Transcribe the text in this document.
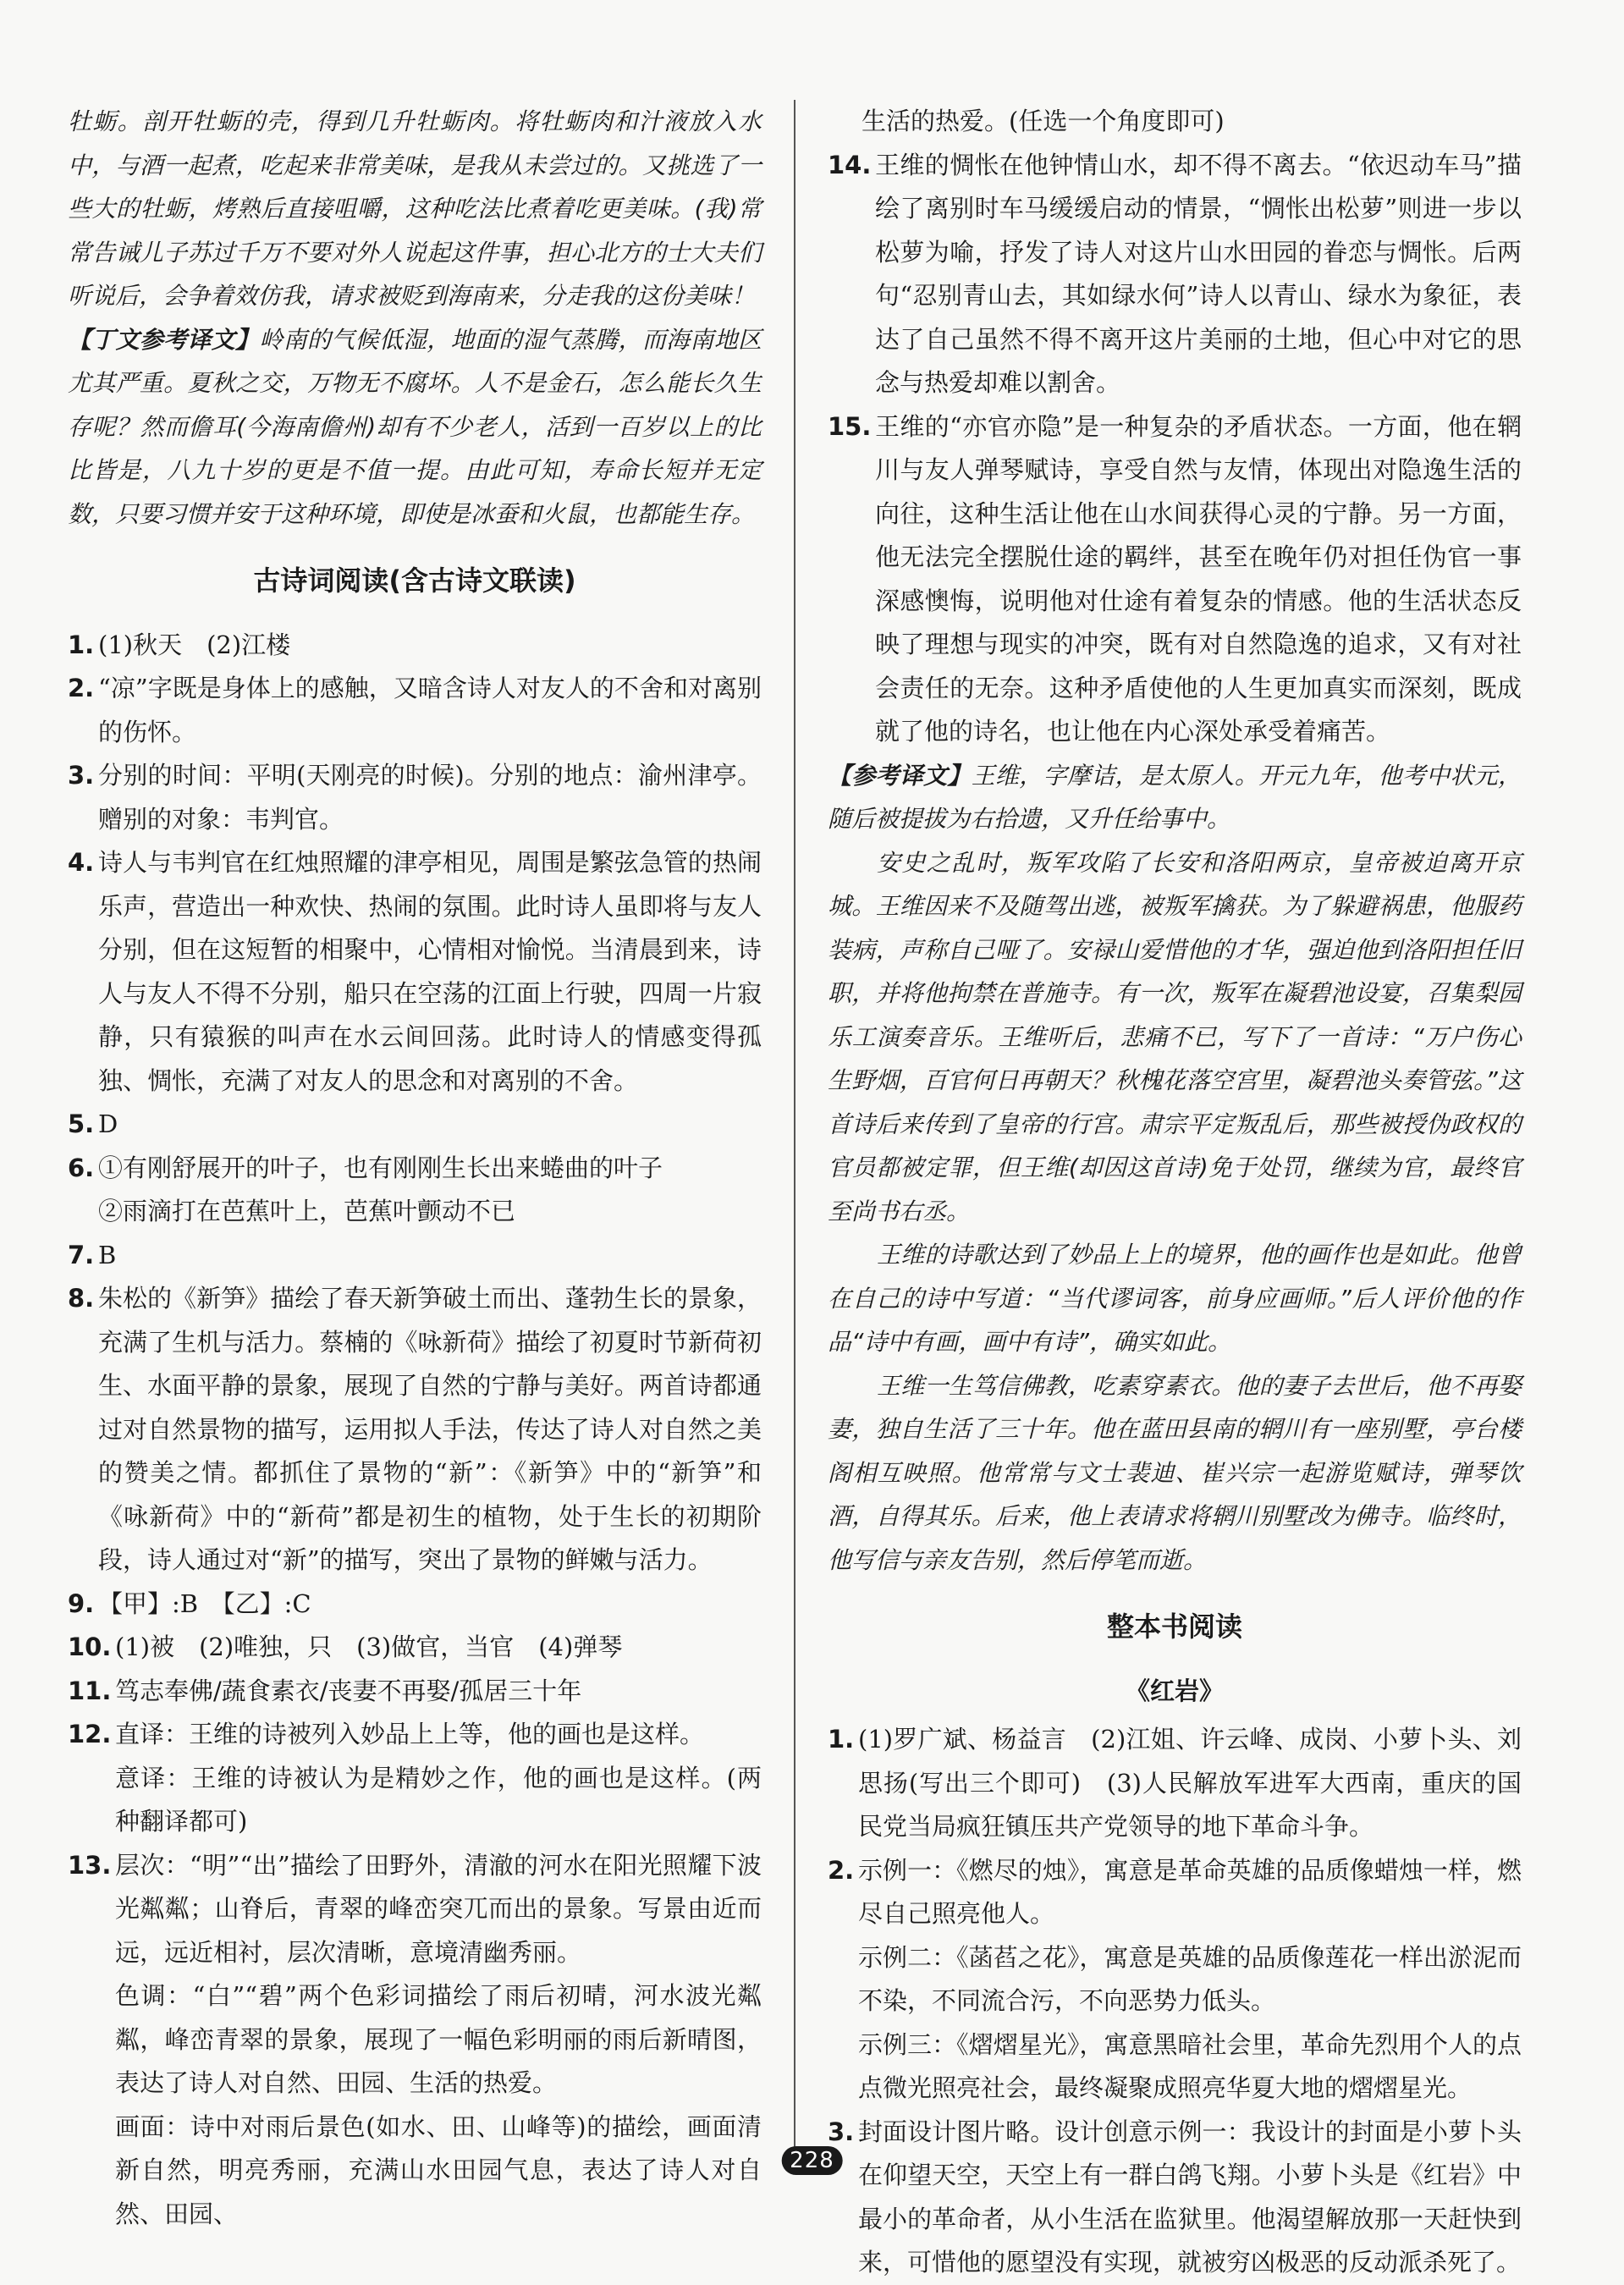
牡蛎。剖开牡蛎的壳，得到几升牡蛎肉。将牡蛎肉和汁液放入水中，与酒一起煮，吃起来非常美味，是我从未尝过的。又挑选了一些大的牡蛎，烤熟后直接咀嚼，这种吃法比煮着吃更美味。(我)常常告诫儿子苏过千万不要对外人说起这件事，担心北方的士大夫们听说后，会争着效仿我，请求被贬到海南来，分走我的这份美味！

【丁文参考译文】岭南的气候低湿，地面的湿气蒸腾，而海南地区尤其严重。夏秋之交，万物无不腐坏。人不是金石，怎么能长久生存呢？然而儋耳(今海南儋州)却有不少老人，活到一百岁以上的比比皆是，八九十岁的更是不值一提。由此可知，寿命长短并无定数，只要习惯并安于这种环境，即使是冰蚕和火鼠，也都能生存。

古诗词阅读(含古诗文联读)
1. (1)秋天　(2)江楼
2. “凉”字既是身体上的感触，又暗含诗人对友人的不舍和对离别的伤怀。
3. 分别的时间：平明(天刚亮的时候)。分别的地点：渝州津亭。赠别的对象：韦判官。
4. 诗人与韦判官在红烛照耀的津亭相见，周围是繁弦急管的热闹乐声，营造出一种欢快、热闹的氛围。此时诗人虽即将与友人分别，但在这短暂的相聚中，心情相对愉悦。当清晨到来，诗人与友人不得不分别，船只在空荡的江面上行驶，四周一片寂静，只有猿猴的叫声在水云间回荡。此时诗人的情感变得孤独、惆怅，充满了对友人的思念和对离别的不舍。
5. D
6. ①有刚舒展开的叶子，也有刚刚生长出来蜷曲的叶子
②雨滴打在芭蕉叶上，芭蕉叶颤动不已
7. B
8. 朱松的《新笋》描绘了春天新笋破土而出、蓬勃生长的景象，充满了生机与活力。蔡楠的《咏新荷》描绘了初夏时节新荷初生、水面平静的景象，展现了自然的宁静与美好。两首诗都通过对自然景物的描写，运用拟人手法，传达了诗人对自然之美的赞美之情。都抓住了景物的“新”：《新笋》中的“新笋”和《咏新荷》中的“新荷”都是初生的植物，处于生长的初期阶段，诗人通过对“新”的描写，突出了景物的鲜嫩与活力。
9. 【甲】:B　【乙】:C
10. (1)被　(2)唯独，只　(3)做官，当官　(4)弹琴
11. 笃志奉佛/蔬食素衣/丧妻不再娶/孤居三十年
12. 直译：王维的诗被列入妙品上上等，他的画也是这样。
意译：王维的诗被认为是精妙之作，他的画也是这样。(两种翻译都可)
13. 层次：“明”“出”描绘了田野外，清澈的河水在阳光照耀下波光粼粼；山脊后，青翠的峰峦突兀而出的景象。写景由近而远，远近相衬，层次清晰，意境清幽秀丽。
色调：“白”“碧”两个色彩词描绘了雨后初晴，河水波光粼粼，峰峦青翠的景象，展现了一幅色彩明丽的雨后新晴图，表达了诗人对自然、田园、生活的热爱。
画面：诗中对雨后景色(如水、田、山峰等)的描绘，画面清新自然，明亮秀丽，充满山水田园气息，表达了诗人对自然、田园、

生活的热爱。(任选一个角度即可)

14. 王维的惆怅在他钟情山水，却不得不离去。“依迟动车马”描绘了离别时车马缓缓启动的情景，“惆怅出松萝”则进一步以松萝为喻，抒发了诗人对这片山水田园的眷恋与惆怅。后两句“忍别青山去，其如绿水何”诗人以青山、绿水为象征，表达了自己虽然不得不离开这片美丽的土地，但心中对它的思念与热爱却难以割舍。
15. 王维的“亦官亦隐”是一种复杂的矛盾状态。一方面，他在辋川与友人弹琴赋诗，享受自然与友情，体现出对隐逸生活的向往，这种生活让他在山水间获得心灵的宁静。另一方面，他无法完全摆脱仕途的羁绊，甚至在晚年仍对担任伪官一事深感懊悔，说明他对仕途有着复杂的情感。他的生活状态反映了理想与现实的冲突，既有对自然隐逸的追求，又有对社会责任的无奈。这种矛盾使他的人生更加真实而深刻，既成就了他的诗名，也让他在内心深处承受着痛苦。

【参考译文】王维，字摩诘，是太原人。开元九年，他考中状元，随后被提拔为右拾遗，又升任给事中。

安史之乱时，叛军攻陷了长安和洛阳两京，皇帝被迫离开京城。王维因来不及随驾出逃，被叛军擒获。为了躲避祸患，他服药装病，声称自己哑了。安禄山爱惜他的才华，强迫他到洛阳担任旧职，并将他拘禁在普施寺。有一次，叛军在凝碧池设宴，召集梨园乐工演奏音乐。王维听后，悲痛不已，写下了一首诗：“万户伤心生野烟，百官何日再朝天？秋槐花落空宫里，凝碧池头奏管弦。”这首诗后来传到了皇帝的行宫。肃宗平定叛乱后，那些被授伪政权的官员都被定罪，但王维(却因这首诗)免于处罚，继续为官，最终官至尚书右丞。

王维的诗歌达到了妙品上上的境界，他的画作也是如此。他曾在自己的诗中写道：“当代谬词客，前身应画师。”后人评价他的作品“诗中有画，画中有诗”，确实如此。

王维一生笃信佛教，吃素穿素衣。他的妻子去世后，他不再娶妻，独自生活了三十年。他在蓝田县南的辋川有一座别墅，亭台楼阁相互映照。他常常与文士裴迪、崔兴宗一起游览赋诗，弹琴饮酒，自得其乐。后来，他上表请求将辋川别墅改为佛寺。临终时，他写信与亲友告别，然后停笔而逝。

整本书阅读
《红岩》
1. (1)罗广斌、杨益言　(2)江姐、许云峰、成岗、小萝卜头、刘思扬(写出三个即可)　(3)人民解放军进军大西南，重庆的国民党当局疯狂镇压共产党领导的地下革命斗争。
2. 示例一：《燃尽的烛》，寓意是革命英雄的品质像蜡烛一样，燃尽自己照亮他人。
示例二：《菡萏之花》，寓意是英雄的品质像莲花一样出淤泥而不染，不同流合污，不向恶势力低头。
示例三：《熠熠星光》，寓意黑暗社会里，革命先烈用个人的点点微光照亮社会，最终凝聚成照亮华夏大地的熠熠星光。
3. 封面设计图片略。设计创意示例一：我设计的封面是小萝卜头在仰望天空，天空上有一群白鸽飞翔。小萝卜头是《红岩》中最小的革命者，从小生活在监狱里。他渴望解放那一天赶快到来，可惜他的愿望没有实现，就被穷凶极恶的反动派杀死了。
228
